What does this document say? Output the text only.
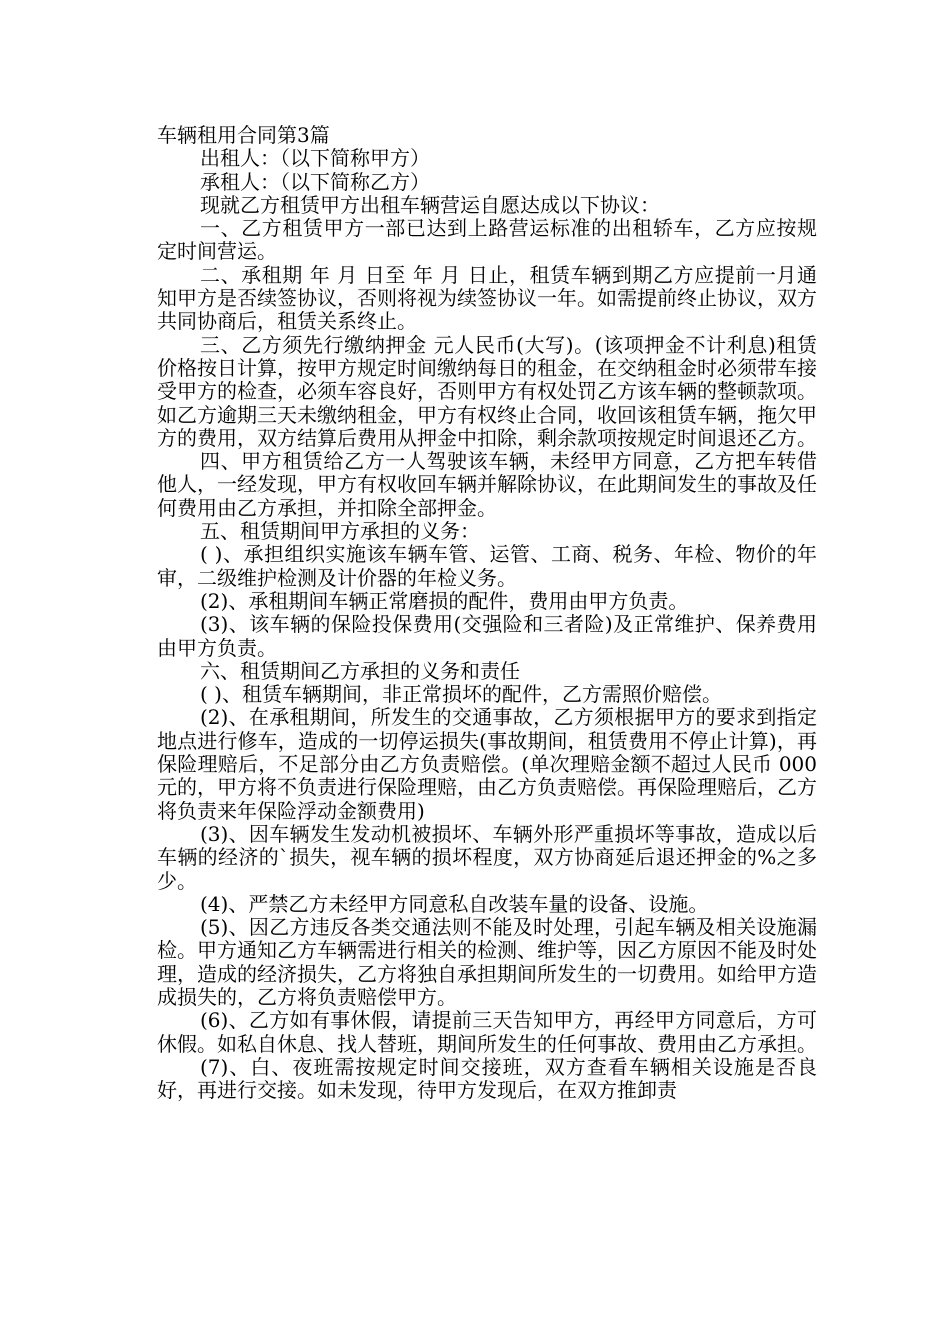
车辆租用合同第3篇

出租人：（以下简称甲方）

承租人：（以下简称乙方）

现就乙方租赁甲方出租车辆营运自愿达成以下协议：

一、乙方租赁甲方一部已达到上路营运标准的出租轿车，乙方应按规定时间营运。

二、承租期 年 月 日至 年 月 日止，租赁车辆到期乙方应提前一月通知甲方是否续签协议，否则将视为续签协议一年。如需提前终止协议，双方共同协商后，租赁关系终止。

三、乙方须先行缴纳押金 元人民币(大写)。(该项押金不计利息)租赁价格按日计算，按甲方规定时间缴纳每日的租金，在交纳租金时必须带车接受甲方的检查，必须车容良好，否则甲方有权处罚乙方该车辆的整顿款项。如乙方逾期三天未缴纳租金，甲方有权终止合同，收回该租赁车辆，拖欠甲方的费用，双方结算后费用从押金中扣除，剩余款项按规定时间退还乙方。

四、甲方租赁给乙方一人驾驶该车辆，未经甲方同意，乙方把车转借他人，一经发现，甲方有权收回车辆并解除协议，在此期间发生的事故及任何费用由乙方承担，并扣除全部押金。

五、租赁期间甲方承担的义务：

( )、承担组织实施该车辆车管、运管、工商、税务、年检、物价的年审，二级维护检测及计价器的年检义务。

(2)、承租期间车辆正常磨损的配件，费用由甲方负责。

(3)、该车辆的保险投保费用(交强险和三者险)及正常维护、保养费用由甲方负责。

六、租赁期间乙方承担的义务和责任

( )、租赁车辆期间，非正常损坏的配件，乙方需照价赔偿。

(2)、在承租期间，所发生的交通事故，乙方须根据甲方的要求到指定地点进行修车，造成的一切停运损失(事故期间，租赁费用不停止计算)，再保险理赔后，不足部分由乙方负责赔偿。(单次理赔金额不超过人民币 000元的，甲方将不负责进行保险理赔，由乙方负责赔偿。再保险理赔后，乙方将负责来年保险浮动金额费用)

(3)、因车辆发生发动机被损坏、车辆外形严重损坏等事故，造成以后车辆的经济的`损失，视车辆的损坏程度，双方协商延后退还押金的%之多少。

(4)、严禁乙方未经甲方同意私自改装车量的设备、设施。

(5)、因乙方违反各类交通法则不能及时处理，引起车辆及相关设施漏检。甲方通知乙方车辆需进行相关的检测、维护等，因乙方原因不能及时处理，造成的经济损失，乙方将独自承担期间所发生的一切费用。如给甲方造成损失的，乙方将负责赔偿甲方。

(6)、乙方如有事休假，请提前三天告知甲方，再经甲方同意后，方可休假。如私自休息、找人替班，期间所发生的任何事故、费用由乙方承担。

(7)、白、夜班需按规定时间交接班，双方查看车辆相关设施是否良好，再进行交接。如未发现，待甲方发现后，在双方推卸责
